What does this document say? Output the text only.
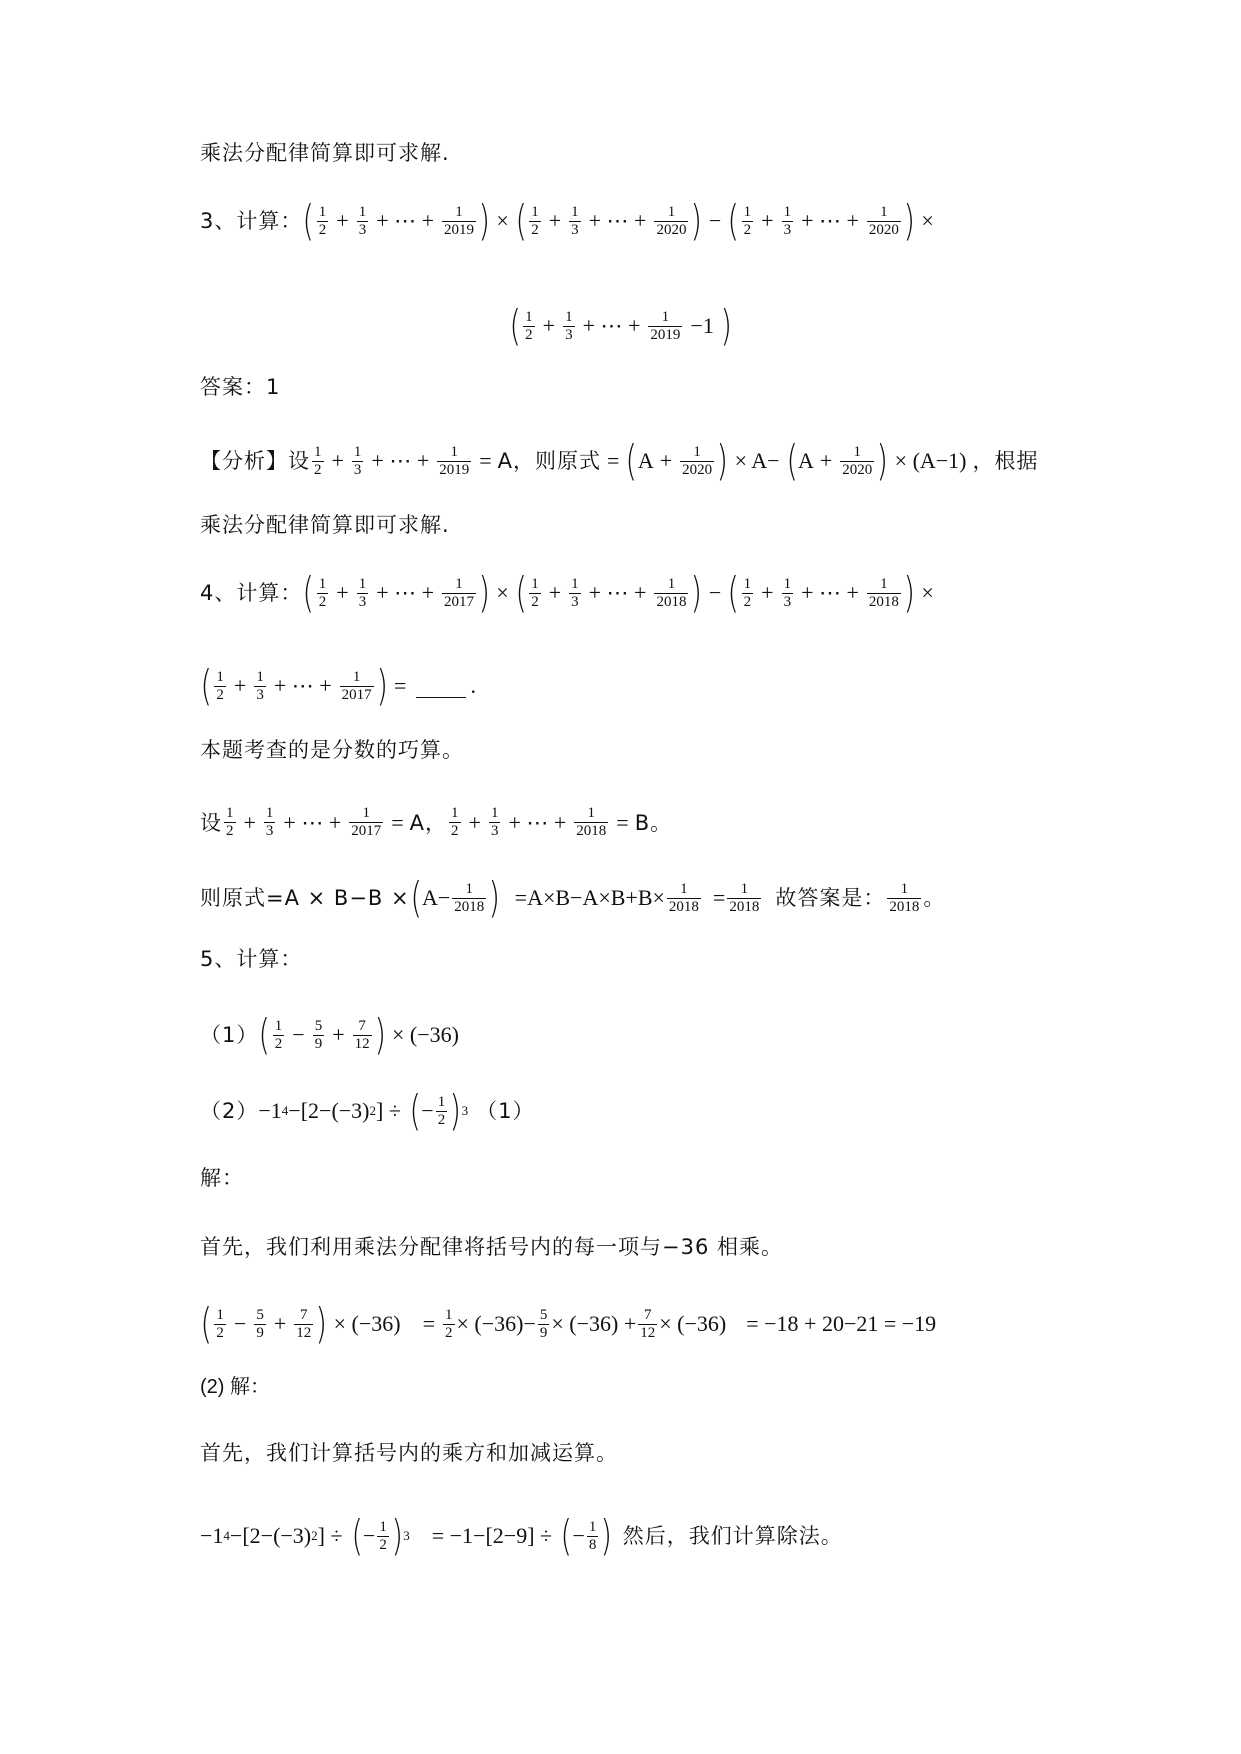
乘法分配律简算即可求解.
3、计算： ( $\frac{1}{2} + \frac{1}{3}$ + ⋯ + $\frac{1}{2019}$ ) × ( $\frac{1}{2} + \frac{1}{3}$ + ⋯ + $\frac{1}{2020}$ ) − ( $\frac{1}{2} + \frac{1}{3}$ + ⋯ + $\frac{1}{2020}$ ) ×
( $\frac{1}{2} + \frac{1}{3}$ + ⋯ + $\frac{1}{2019} -1$ )
答案：1
【分析】设 $\frac{1}{2} + \frac{1}{3}$ + ⋯ + $\frac{1}{2019} = A$，则原式 = ( $A + \frac{1}{2020}$ ) × A− ( $A + \frac{1}{2020}$ ) × (A−1) ，根据
乘法分配律简算即可求解.
4、计算： ( $\frac{1}{2} + \frac{1}{3}$ + ⋯ + $\frac{1}{2017}$ ) × ( $\frac{1}{2} + \frac{1}{3}$ + ⋯ + $\frac{1}{2018}$ ) − ( $\frac{1}{2} + \frac{1}{3}$ + ⋯ + $\frac{1}{2018}$ ) ×
( $\frac{1}{2} + \frac{1}{3}$ + ⋯ + $\frac{1}{2017}$ ) =	.
本题考查的是分数的巧算。
设 $\frac{1}{2} + \frac{1}{3}$ + ⋯ + $\frac{1}{2017} = A$， $\frac{1}{2} + \frac{1}{3}$ + ⋯ + $\frac{1}{2018} = B$。
则原式=A × B−B × ( $A- \frac{1}{2018}$ ) $=A\times B-A\times B+B\times \frac{1}{2018} = \frac{1}{2018}$ 故答案是： $\frac{1}{2018}$ 。
5、计算：
（1） ( $\frac{1}{2} - \frac{5}{9} + \frac{7}{12}$ ) × (−36)
（2） −1 4 −[2−(−3) 2 ] ÷ ( − $\frac{1}{2}$ ) 3 （1）
解：
首先，我们利用乘法分配律将括号内的每一项与−36 相乘。
( $\frac{1}{2} - \frac{5}{9} + \frac{7}{12}$ ) × $(-36) = \frac{1}{2} \times (-36)- \frac{5}{9} \times (-36) + \frac{7}{12} \times (-36) = -18 + 20-21 = -19$
(2) 解：
首先，我们计算括号内的乘方和加减运算。
−1 4 −[2−(−3) 2 ] ÷ ( − $\frac{1}{2}$ ) 3 = −1−[2−9] ÷ ( − $\frac{1}{8}$ ) 然后，我们计算除法。
